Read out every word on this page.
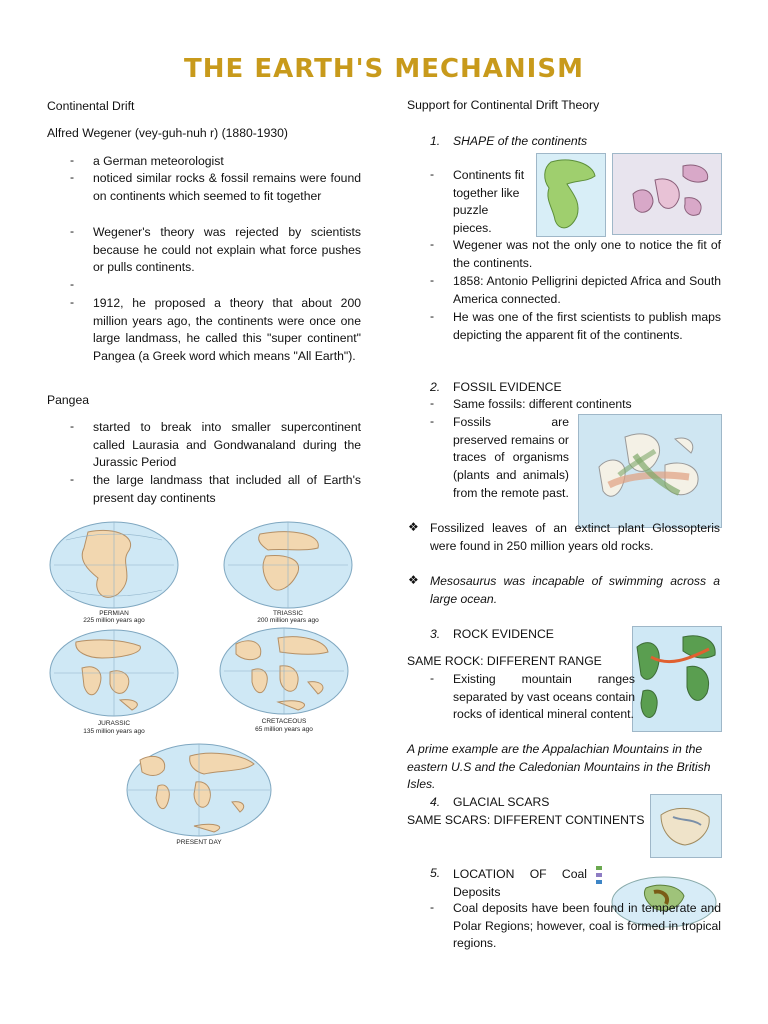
THE EARTH'S MECHANISM
Continental Drift
Alfred Wegener (vey-guh-nuh r) (1880-1930)
-	a German meteorologist
-	noticed similar rocks & fossil remains were found on continents which seemed to fit together
-	Wegener's theory was rejected by scientists because he could not explain what force pushes or pulls continents.
-
-	1912, he proposed a theory that about 200 million years ago, the continents were once one large landmass, he called this "super continent" Pangea (a Greek word which means "All Earth").
Pangea
-	started to break into smaller supercontinent called Laurasia and Gondwanaland during the Jurassic Period
-	the large landmass that included all of Earth's present day continents
PERMIAN
225 million years ago
TRIASSIC
200 million years ago
JURASSIC
135 million years ago
CRETACEOUS
65 million years ago
PRESENT DAY
Support for Continental Drift Theory
1. SHAPE of the continents
-	Continents fit together like puzzle pieces.
-	Wegener was not the only one to notice the fit of the continents.
-	1858: Antonio Pelligrini depicted Africa and South America connected.
-	He was one of the first scientists to publish maps depicting the apparent fit of the continents.
2. FOSSIL EVIDENCE
-	Same fossils: different continents
-	Fossils are preserved remains or traces of organisms (plants and animals) from the remote past.
❖ Fossilized leaves of an extinct plant Glossopteris were found in 250 million years old rocks.
❖ Mesosaurus was incapable of swimming across a large ocean.
3. ROCK EVIDENCE
SAME ROCK: DIFFERENT RANGE
-	Existing mountain ranges separated by vast oceans contain rocks of identical mineral content.
A prime example are the Appalachian Mountains in the eastern U.S and the Caledonian Mountains in the British Isles.
4. GLACIAL SCARS
SAME SCARS: DIFFERENT CONTINENTS
5. LOCATION OF Coal Deposits
-	Coal deposits have been found in temperate and Polar Regions; however, coal is formed in tropical regions.
